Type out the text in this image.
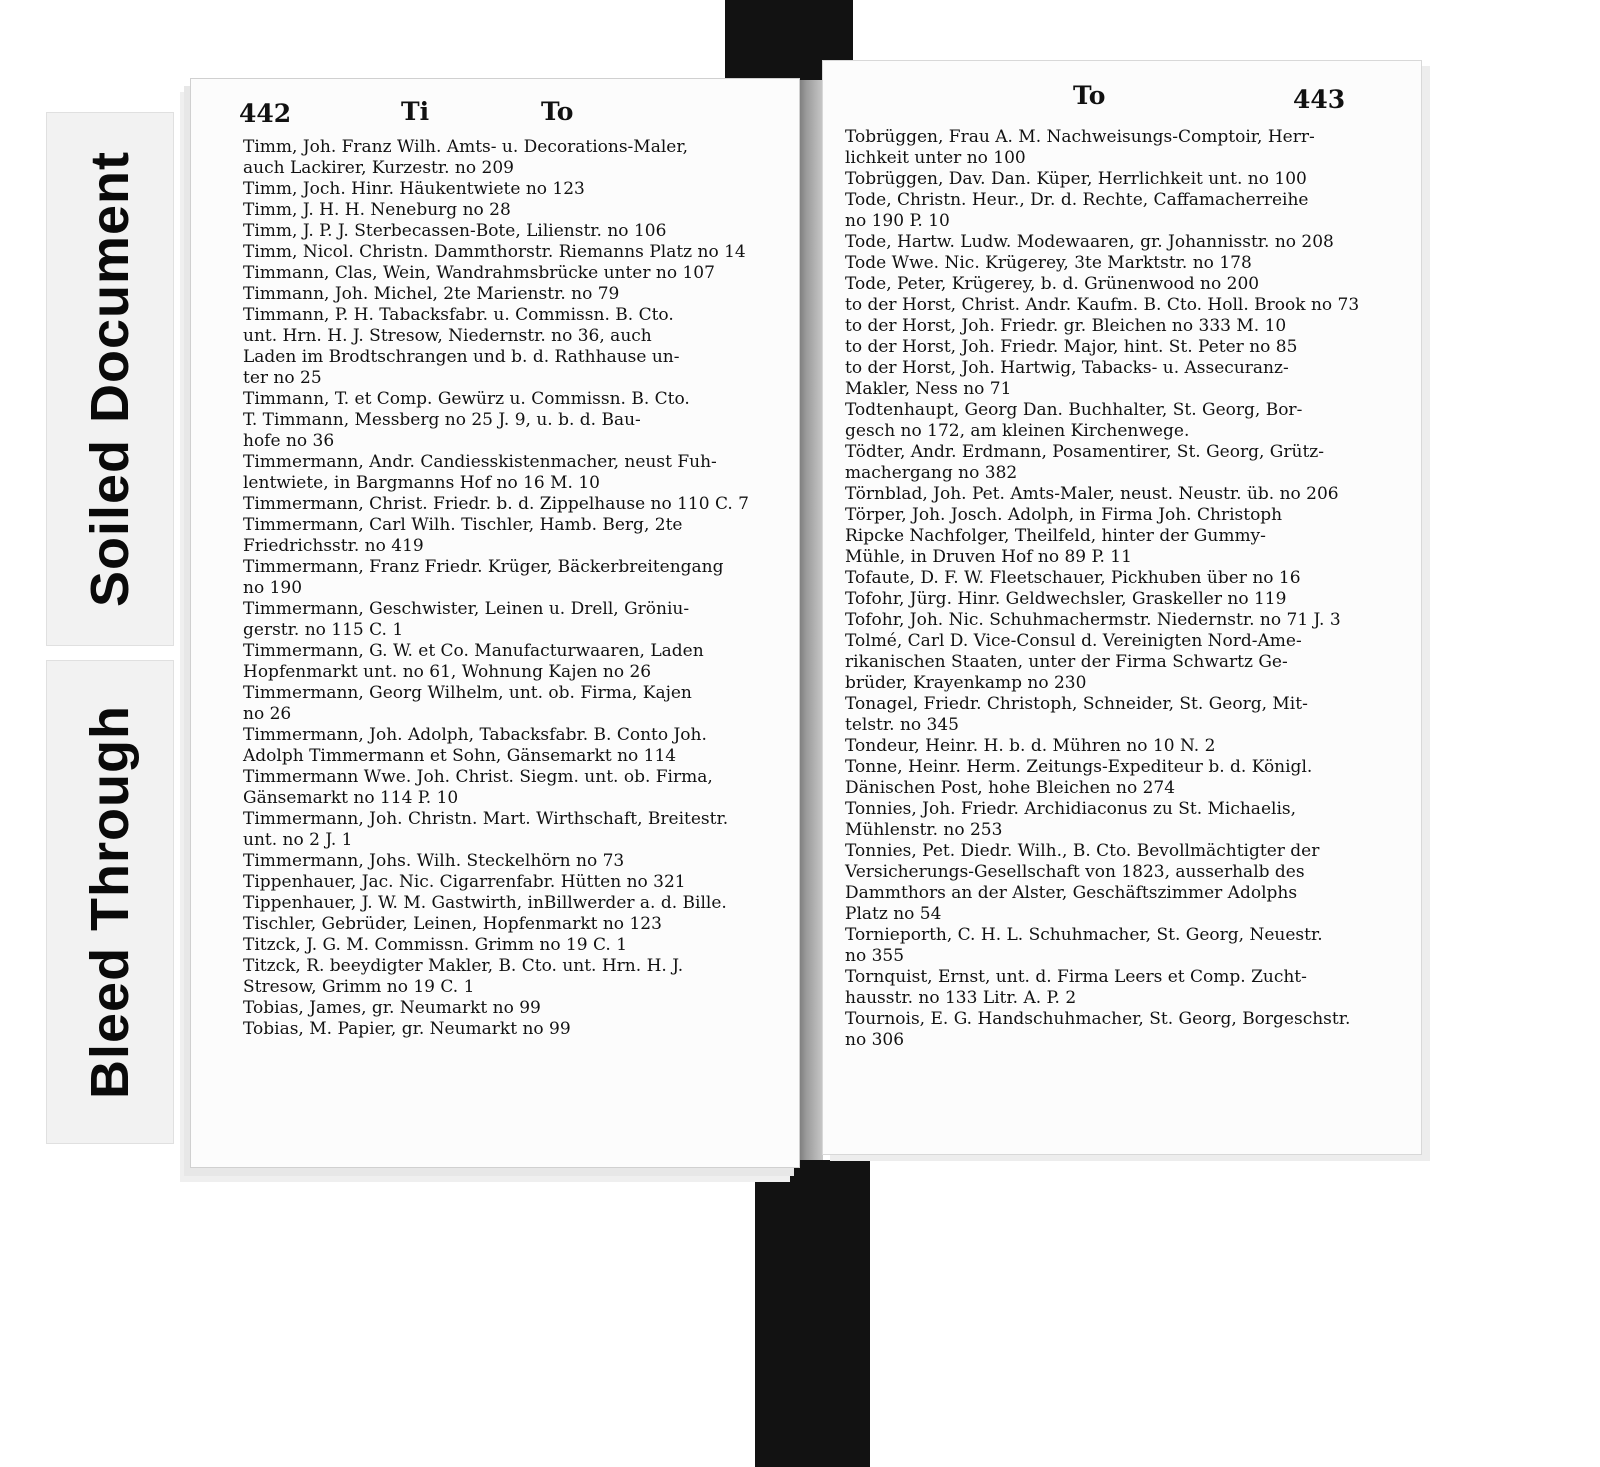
Soiled Document
Bleed Through
442	Ti	To
Timm, Joh. Franz Wilh. Amts- u. Decorations-Maler,
auch Lackirer, Kurzestr. no 209
Timm, Joch. Hinr. Häukentwiete no 123
Timm, J. H. H. Neneburg no 28
Timm, J. P. J. Sterbecassen-Bote, Lilienstr. no 106
Timm, Nicol. Christn. Dammthorstr. Riemanns Platz no 14
Timmann, Clas, Wein, Wandrahmsbrücke unter no 107
Timmann, Joh. Michel, 2te Marienstr. no 79
Timmann, P. H. Tabacksfabr. u. Commissn. B. Cto.
unt. Hrn. H. J. Stresow, Niedernstr. no 36, auch
Laden im Brodtschrangen und b. d. Rathhause un-
ter no 25
Timmann, T. et Comp. Gewürz u. Commissn. B. Cto.
T. Timmann, Messberg no 25 J. 9, u. b. d. Bau-
hofe no 36
Timmermann, Andr. Candiesskistenmacher, neust Fuh-
lentwiete, in Bargmanns Hof no 16 M. 10
Timmermann, Christ. Friedr. b. d. Zippelhause no 110 C. 7
Timmermann, Carl Wilh. Tischler, Hamb. Berg, 2te
Friedrichsstr. no 419
Timmermann, Franz Friedr. Krüger, Bäckerbreitengang
no 190
Timmermann, Geschwister, Leinen u. Drell, Gröniu-
gerstr. no 115 C. 1
Timmermann, G. W. et Co. Manufacturwaaren, Laden
Hopfenmarkt unt. no 61, Wohnung Kajen no 26
Timmermann, Georg Wilhelm, unt. ob. Firma, Kajen
no 26
Timmermann, Joh. Adolph, Tabacksfabr. B. Conto Joh.
Adolph Timmermann et Sohn, Gänsemarkt no 114
Timmermann Wwe. Joh. Christ. Siegm. unt. ob. Firma,
Gänsemarkt no 114 P. 10
Timmermann, Joh. Christn. Mart. Wirthschaft, Breitestr.
unt. no 2 J. 1
Timmermann, Johs. Wilh. Steckelhörn no 73
Tippenhauer, Jac. Nic. Cigarrenfabr. Hütten no 321
Tippenhauer, J. W. M. Gastwirth, inBillwerder a. d. Bille.
Tischler, Gebrüder, Leinen, Hopfenmarkt no 123
Titzck, J. G. M. Commissn. Grimm no 19 C. 1
Titzck, R. beeydigter Makler, B. Cto. unt. Hrn. H. J.
Stresow, Grimm no 19 C. 1
Tobias, James, gr. Neumarkt no 99
Tobias, M. Papier, gr. Neumarkt no 99
To	443
Tobrüggen, Frau A. M. Nachweisungs-Comptoir, Herr-
lichkeit unter no 100
Tobrüggen, Dav. Dan. Küper, Herrlichkeit unt. no 100
Tode, Christn. Heur., Dr. d. Rechte, Caffamacherreihe
no 190 P. 10
Tode, Hartw. Ludw. Modewaaren, gr. Johannisstr. no 208
Tode Wwe. Nic. Krügerey, 3te Marktstr. no 178
Tode, Peter, Krügerey, b. d. Grünenwood no 200
to der Horst, Christ. Andr. Kaufm. B. Cto. Holl. Brook no 73
to der Horst, Joh. Friedr. gr. Bleichen no 333 M. 10
to der Horst, Joh. Friedr. Major, hint. St. Peter no 85
to der Horst, Joh. Hartwig, Tabacks- u. Assecuranz-
Makler, Ness no 71
Todtenhaupt, Georg Dan. Buchhalter, St. Georg, Bor-
gesch no 172, am kleinen Kirchenwege.
Tödter, Andr. Erdmann, Posamentirer, St. Georg, Grütz-
machergang no 382
Törnblad, Joh. Pet. Amts-Maler, neust. Neustr. üb. no 206
Törper, Joh. Josch. Adolph, in Firma Joh. Christoph
Ripcke Nachfolger, Theilfeld, hinter der Gummy-
Mühle, in Druven Hof no 89 P. 11
Tofaute, D. F. W. Fleetschauer, Pickhuben über no 16
Tofohr, Jürg. Hinr. Geldwechsler, Graskeller no 119
Tofohr, Joh. Nic. Schuhmachermstr. Niedernstr. no 71 J. 3
Tolmé, Carl D. Vice-Consul d. Vereinigten Nord-Ame-
rikanischen Staaten, unter der Firma Schwartz Ge-
brüder, Krayenkamp no 230
Tonagel, Friedr. Christoph, Schneider, St. Georg, Mit-
telstr. no 345
Tondeur, Heinr. H. b. d. Mühren no 10 N. 2
Tonne, Heinr. Herm. Zeitungs-Expediteur b. d. Königl.
Dänischen Post, hohe Bleichen no 274
Tonnies, Joh. Friedr. Archidiaconus zu St. Michaelis,
Mühlenstr. no 253
Tonnies, Pet. Diedr. Wilh., B. Cto. Bevollmächtigter der
Versicherungs-Gesellschaft von 1823, ausserhalb des
Dammthors an der Alster, Geschäftszimmer Adolphs
Platz no 54
Tornieporth, C. H. L. Schuhmacher, St. Georg, Neuestr.
no 355
Tornquist, Ernst, unt. d. Firma Leers et Comp. Zucht-
hausstr. no 133 Litr. A. P. 2
Tournois, E. G. Handschuhmacher, St. Georg, Borgeschstr.
no 306
